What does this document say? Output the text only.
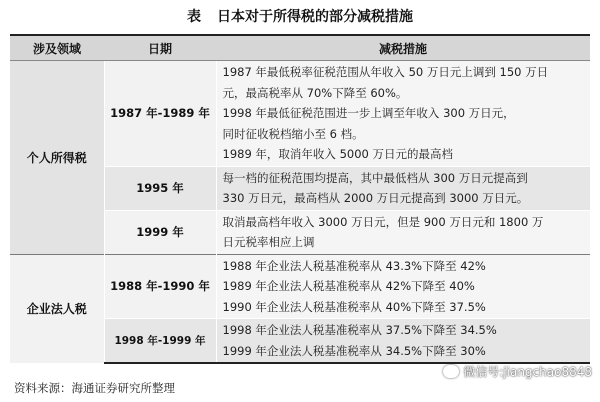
表 日本对于所得税的部分减税措施
涉及领域	日期	减税措施
个人所得税	1987 年-1989 年	1987 年最低税率征税范围从年收入 50 万日元上调到 150 万日
元，最高税率从 70%下降至 60%。
1998 年最低征税范围进一步上调至年收入 300 万日元，
同时征收税档缩小至 6 档。
1989 年，取消年收入 5000 万日元的最高档

	1995 年	每一档的征税范围均提高，其中最低档从 300 万日元提高到
330 万日元，最高档从 2000 万日元提高到 3000 万日元。

	1999 年	取消最高档年收入 3000 万日元，但是 900 万日元和 1800 万
日元税率相应上调

企业法人税	1988 年-1990 年	1988 年企业法人税基准税率从 43.3%下降至 42%
1989 年企业法人税基准税率从 42%下降至 40%
1990 年企业法人税基准税率从 40%下降至 37.5%

	1998 年-1999 年	1998 年企业法人税基准税率从 37.5%下降至 34.5%
1999 年企业法人税基准税率从 34.5%下降至 30%
资料来源：海通证券研究所整理
微信号:jiangchao8848
